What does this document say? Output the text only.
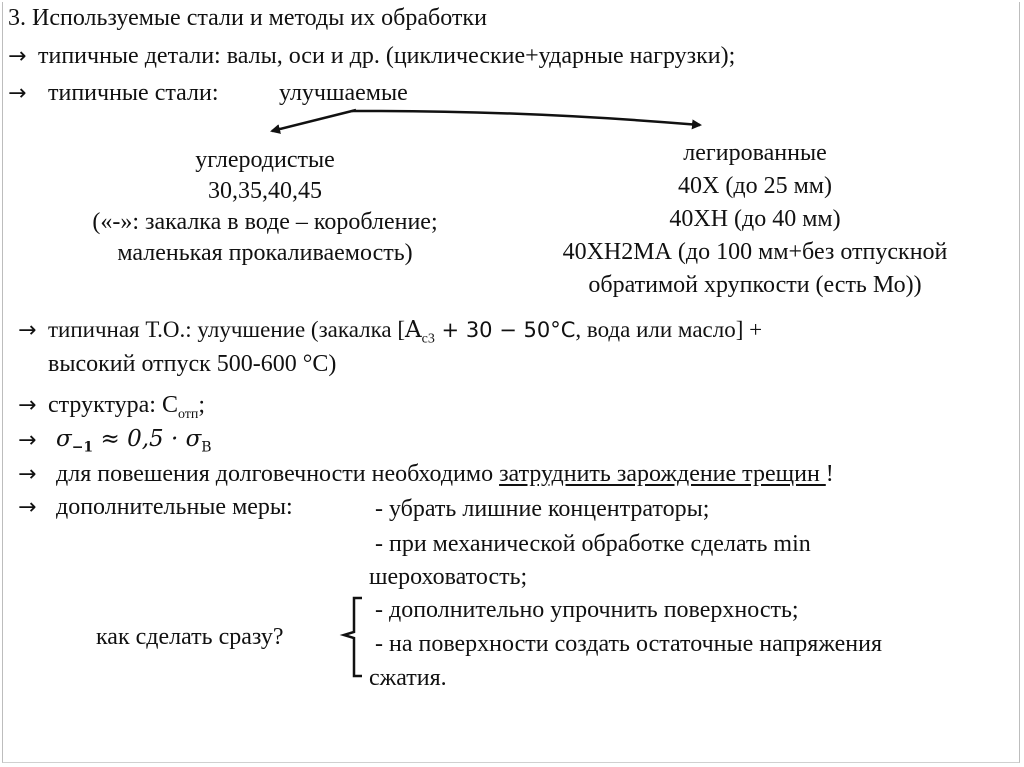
3. Используемые стали и методы их обработки
→ типичные детали: валы, оси и др. (циклические+ударные нагрузки);
→ типичные стали:	улучшаемые
углеродистые
30,35,40,45
(«-»: закалка в воде – коробление;
маленькая прокаливаемость)
легированные
40Х (до 25 мм)
40ХН (до 40 мм)
40ХН2МА (до 100 мм+без отпускной
обратимой хрупкости (есть Мо))
→ типичная Т.О.: улучшение (закалка [$A_{c3} + 30 - 50^\circ C$, вода или масло] +
высокий отпуск 500-600 °C)
→ структура: $С_{отп}$;
→ $\sigma_{-1} \approx 0,5 \cdot \sigma_B$
→ для повешения долговечности необходимо затруднить зарождение трещин !
→ дополнительные меры:	- убрать лишние концентраторы;
- при механической обработке сделать min
шероховатость;
- дополнительно упрочнить поверхность;
- на поверхности создать остаточные напряжения
сжатия.
как сделать сразу?
